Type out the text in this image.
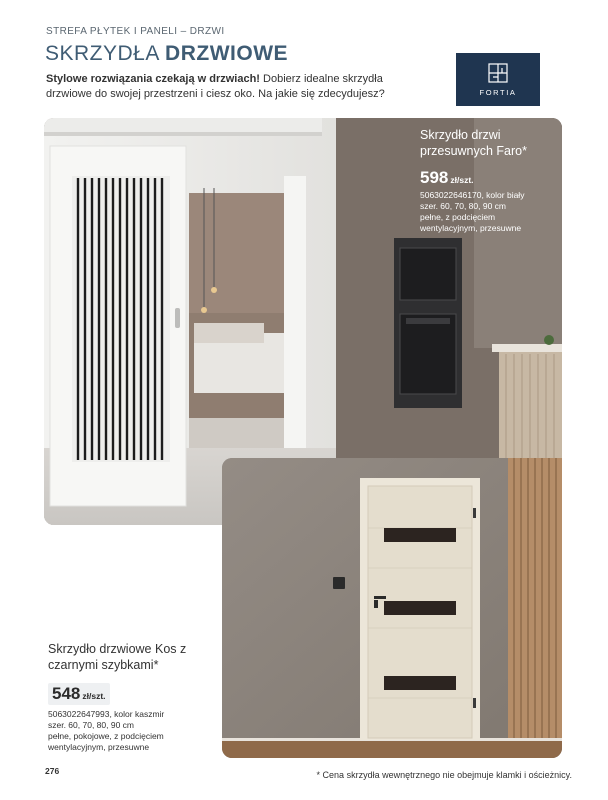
STREFA PŁYTEK I PANELI – DRZWI
SKRZYDŁA DRZWIOWE

Stylowe rozwiązania czekają w drzwiach! Dobierz idealne skrzydła drzwiowe do swojej przestrzeni i ciesz oko. Na jakie się zdecydujesz?	FORTIA
Skrzydło drzwi przesuwnych Faro*
598 zł/szt.
5063022646170, kolor biały
szer. 60, 70, 80, 90 cm
pełne, z podcięciem
wentylacyjnym, przesuwne
Skrzydło drzwiowe Kos z czarnymi szybkami*
548 zł/szt.
5063022647993, kolor kaszmir
szer. 60, 70, 80, 90 cm
pełne, pokojowe, z podcięciem
wentylacyjnym, przesuwne
276	* Cena skrzydła wewnętrznego nie obejmuje klamki i ościeżnicy.
